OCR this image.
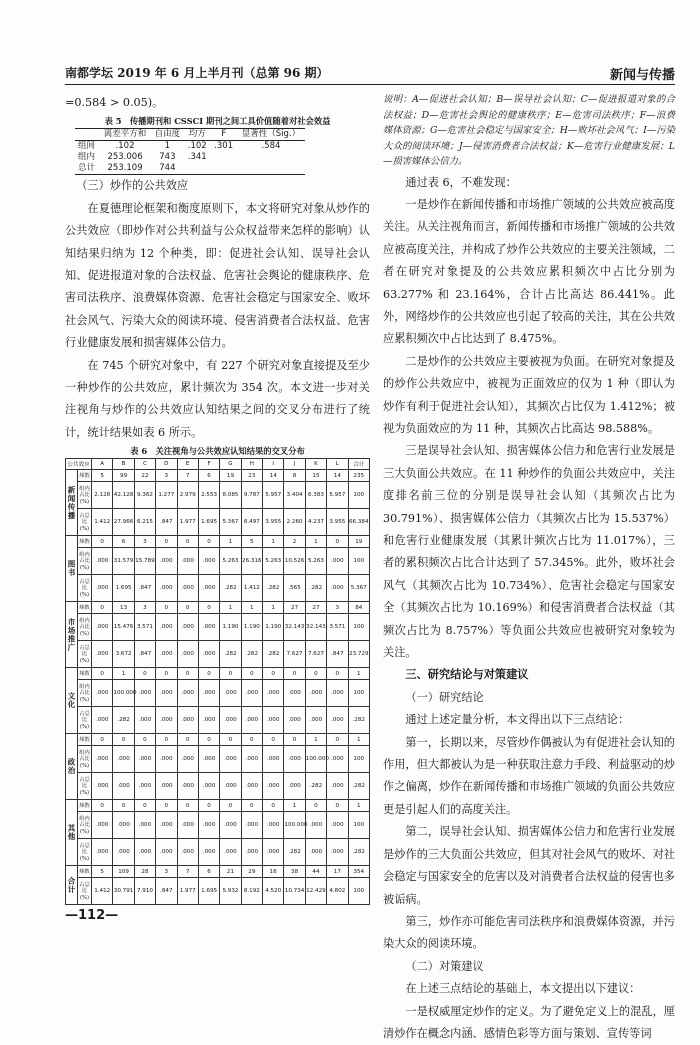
南都学坛 2019 年 6 月上半月刊（总第 96 期）	新闻与传播

=0.584 > 0.05)。

表 5　传播期刊和 CSSCI 期刊之间工具价值随着对社会效益
	离差平方和	自由度	均方	F	显著性（Sig.）
组间	.102	1	.102	.301	.584
组内	253.006	743	.341		
总计	253.109	744			

（三）炒作的公共效应

在夏德理论框架和衡度原则下，本文将研究对象从炒作的公共效应（即炒作对公共利益与公众权益带来怎样的影响）认知结果归纳为 12 个种类，即：促进社会认知、误导社会认知、促进报道对象的合法权益、危害社会舆论的健康秩序、危害司法秩序、浪费媒体资源、危害社会稳定与国家安全、败坏社会风气、污染大众的阅读环境、侵害消费者合法权益、危害行业健康发展和损害媒体公信力。

在 745 个研究对象中，有 227 个研究对象直接提及至少一种炒作的公共效应，累计频次为 354 次。本文进一步对关注视角与炒作的公共效应认知结果之间的交叉分布进行了统计，统计结果如表 6 所示。

表 6　关注视角与公共效应认知结果的交叉分布
公共效应		A	B	C	D	E	F	G	H	I	J	K	L	合计
新闻传播	频数	5	99	22	3	7	6	19	23	14	8	15	14	235
	组内占比(%)	2.128	42.128	9.362	1.277	2.979	2.553	8.085	9.787	5.957	3.404	6.383	5.957	100
	占总比(%)	1.412	27.966	6.215	.847	1.977	1.695	5.367	6.497	3.955	2.260	4.237	3.955	66.384
图书	频数	0	6	3	0	0	0	1	5	1	2	1	0	19
	组内占比(%)	.000	31.579	15.789	.000	.000	.000	5.263	26.316	5.263	10.526	5.263	.000	100
	占总比(%)	.000	1.695	.847	.000	.000	.000	.282	1.412	.282	.565	.282	.000	5.367
市场推广	频数	0	13	3	0	0	0	1	1	1	27	27	3	84
	组内占比(%)	.000	15.476	3.571	.000	.000	.000	1.190	1.190	1.190	32.143	32.143	3.571	100
	占总比(%)	.000	3.672	.847	.000	.000	.000	.282	.282	.282	7.627	7.627	.847	23.729
文化	频数	0	1	0	0	0	0	0	0	0	0	0	0	1
	组内占比(%)	.000	100.000	.000	.000	.000	.000	.000	.000	.000	.000	.000	.000	100
	占总比(%)	.000	.282	.000	.000	.000	.000	.000	.000	.000	.000	.000	.000	.282
政治	频数	0	0	0	0	0	0	0	0	0	0	1	0	1
	组内占比(%)	.000	.000	.000	.000	.000	.000	.000	.000	.000	.000	100.000	.000	100
	占总比(%)	.000	.000	.000	.000	.000	.000	.000	.000	.000	.000	.282	.000	.282
其他	频数	0	0	0	0	0	0	0	0	0	1	0	0	1
	组内占比(%)	.000	.000	.000	.000	.000	.000	.000	.000	.000	100.000	.000	.000	100
	占总比(%)	.000	.000	.000	.000	.000	.000	.000	.000	.000	.282	.000	.000	.282
合计	频数	5	109	28	3	7	6	21	29	16	38	44	17	354
	占总比(%)	1.412	30.791	7.910	.847	1.977	1.695	5.932	8.192	4.520	10.734	12.429	4.802	100

说明：A—促进社会认知；B—误导社会认知；C—促进报道对象的合法权益；D—危害社会舆论的健康秩序；E—危害司法秩序；F—浪费媒体资源；G—危害社会稳定与国家安全；H—败坏社会风气；I—污染大众的阅读环境；J—侵害消费者合法权益；K—危害行业健康发展；L—损害媒体公信力。

通过表 6，不难发现：

一是炒作在新闻传播和市场推广领域的公共效应被高度关注。从关注视角而言，新闻传播和市场推广领域的公共效应被高度关注，并构成了炒作公共效应的主要关注领域，二者在研究对象提及的公共效应累积频次中占比分别为 63.277% 和 23.164%，合计占比高达 86.441%。此外，网络炒作的公共效应也引起了较高的关注，其在公共效应累积频次中占比达到了 8.475%。

二是炒作的公共效应主要被视为负面。在研究对象提及的炒作公共效应中，被视为正面效应的仅为 1 种（即认为炒作有利于促进社会认知），其频次占比仅为 1.412%；被视为负面效应的为 11 种，其频次占比高达 98.588%。

三是误导社会认知、损害媒体公信力和危害行业发展是三大负面公共效应。在 11 种炒作的负面公共效应中，关注度排名前三位的分别是误导社会认知（其频次占比为 30.791%）、损害媒体公信力（其频次占比为 15.537%）和危害行业健康发展（其累计频次占比为 11.017%），三者的累积频次占比合计达到了 57.345%。此外，败坏社会风气（其频次占比为 10.734%）、危害社会稳定与国家安全（其频次占比为 10.169%）和侵害消费者合法权益（其频次占比为 8.757%）等负面公共效应也被研究对象较为关注。

三、研究结论与对策建议
（一）研究结论

通过上述定量分析，本文得出以下三点结论：

第一，长期以来，尽管炒作偶被认为有促进社会认知的作用，但大都被认为是一种获取注意力手段、利益驱动的炒作之偏离，炒作在新闻传播和市场推广领域的负面公共效应更是引起人们的高度关注。

第二，误导社会认知、损害媒体公信力和危害行业发展是炒作的三大负面公共效应，但其对社会风气的败坏、对社会稳定与国家安全的危害以及对消费者合法权益的侵害也多被诟病。

第三，炒作亦可能危害司法秩序和浪费媒体资源，并污染大众的阅读环境。

（二）对策建议

在上述三点结论的基础上，本文提出以下建议：

一是权威厘定炒作的定义。为了避免定义上的混乱，厘清炒作在概念内涵、感情色彩等方面与策划、宣传等词

—112—
